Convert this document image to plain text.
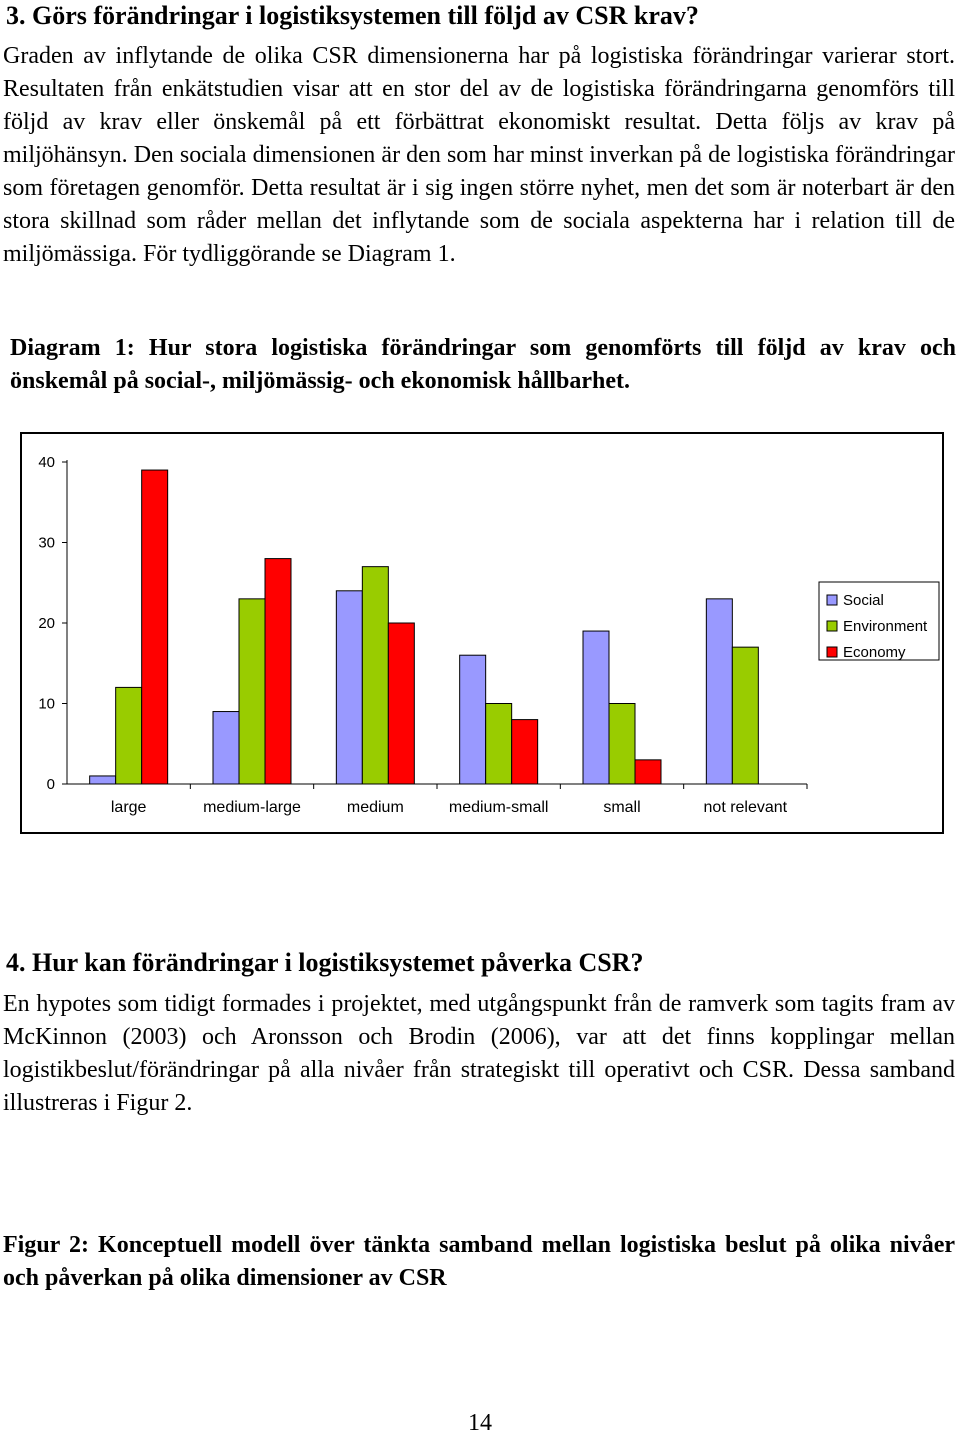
3. Görs förändringar i logistiksystemen till följd av CSR krav?

Graden av inflytande de olika CSR dimensionerna har på logistiska förändringar varierar stort. Resultaten från enkätstudien visar att en stor del av de logistiska förändringarna genomförs till följd av krav eller önskemål på ett förbättrat ekonomiskt resultat. Detta följs av krav på miljöhänsyn. Den sociala dimensionen är den som har minst inverkan på de logistiska förändringar som företagen genomför. Detta resultat är i sig ingen större nyhet, men det som är noterbart är den stora skillnad som råder mellan det inflytande som de sociala aspekterna har i relation till de miljömässiga. För tydliggörande se Diagram 1.

Diagram 1: Hur stora logistiska förändringar som genomförts till följd av krav och önskemål på social-, miljömässig- och ekonomisk hållbarhet.

0
10
20
30
40
large	medium-large	medium	medium-small	small	not relevant
Social
Environment
Economy
4. Hur kan förändringar i logistiksystemet påverka CSR?

En hypotes som tidigt formades i projektet, med utgångspunkt från de ramverk som tagits fram av McKinnon (2003) och Aronsson och Brodin (2006), var att det finns kopplingar mellan logistikbeslut/förändringar på alla nivåer från strategiskt till operativt och CSR. Dessa samband illustreras i Figur 2.

Figur 2: Konceptuell modell över tänkta samband mellan logistiska beslut på olika nivåer och påverkan på olika dimensioner av CSR

14
